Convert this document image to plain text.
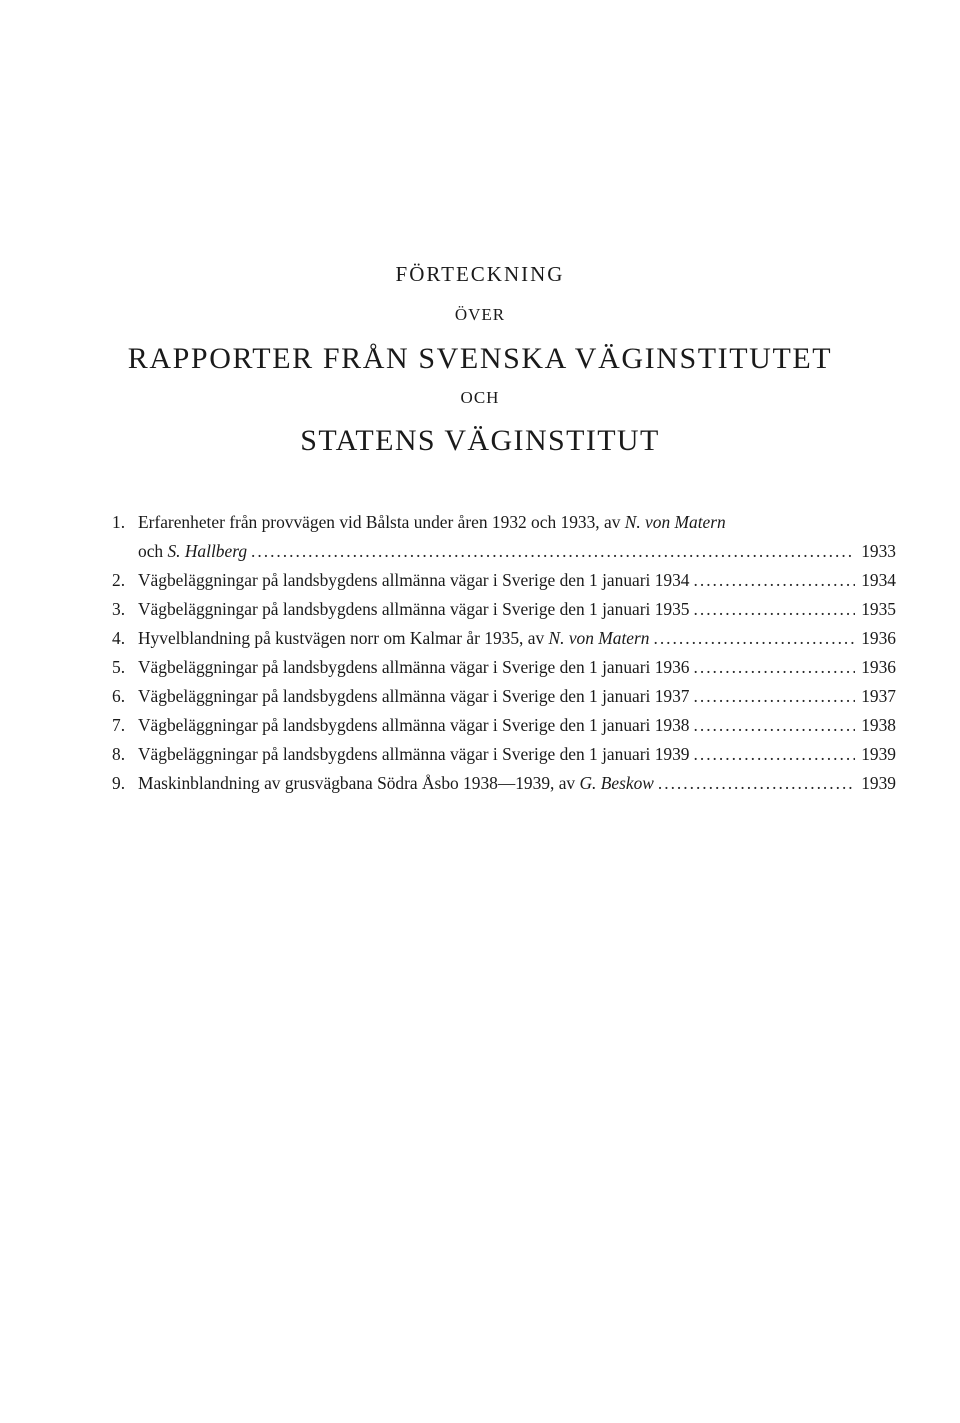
FÖRTECKNING
ÖVER
RAPPORTER FRÅN SVENSKA VÄGINSTITUTET
OCH
STATENS VÄGINSTITUT
1. Erfarenheter från provvägen vid Bålsta under åren 1932 och 1933, av N. von Matern
och S. Hallberg .....	1933
2. Vägbeläggningar på landsbygdens allmänna vägar i Sverige den 1 januari 1934 .....	1934
3. Vägbeläggningar på landsbygdens allmänna vägar i Sverige den 1 januari 1935 .....	1935
4. Hyvelblandning på kustvägen norr om Kalmar år 1935, av N. von Matern .....	1936
5. Vägbeläggningar på landsbygdens allmänna vägar i Sverige den 1 januari 1936 .....	1936
6. Vägbeläggningar på landsbygdens allmänna vägar i Sverige den 1 januari 1937 .....	1937
7. Vägbeläggningar på landsbygdens allmänna vägar i Sverige den 1 januari 1938 .....	1938
8. Vägbeläggningar på landsbygdens allmänna vägar i Sverige den 1 januari 1939 .....	1939
9. Maskinblandning av grusvägbana Södra Åsbo 1938—1939, av G. Beskow .....	1939
